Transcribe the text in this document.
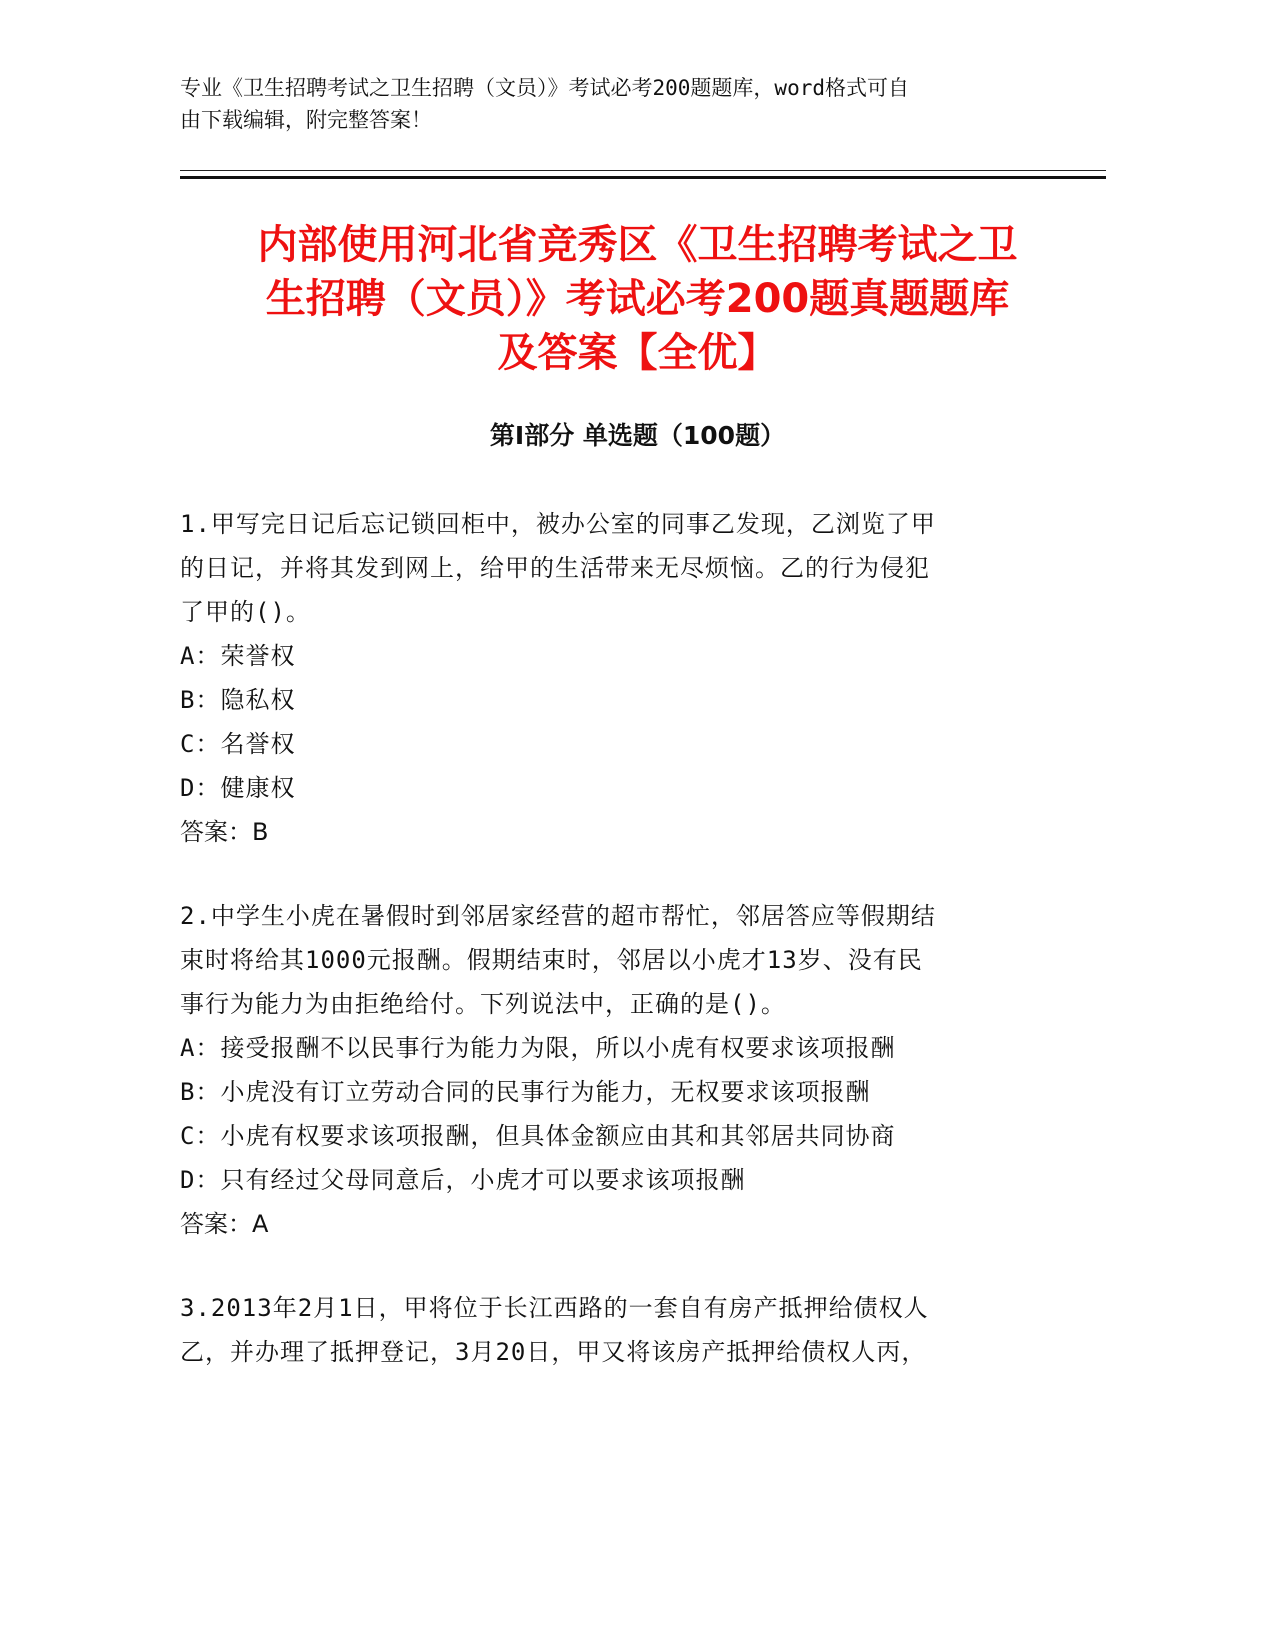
专业《卫生招聘考试之卫生招聘（文员）》考试必考200题题库，word格式可自
由下载编辑，附完整答案！
内部使用河北省竞秀区《卫生招聘考试之卫
生招聘（文员）》考试必考200题真题题库
及答案【全优】
第Ⅰ部分 单选题（100题）

1.甲写完日记后忘记锁回柜中，被办公室的同事乙发现，乙浏览了甲

的日记，并将其发到网上，给甲的生活带来无尽烦恼。乙的行为侵犯

了甲的()。

A：荣誉权

B：隐私权

C：名誉权

D：健康权

答案：B

2.中学生小虎在暑假时到邻居家经营的超市帮忙，邻居答应等假期结

束时将给其1000元报酬。假期结束时，邻居以小虎才13岁、没有民

事行为能力为由拒绝给付。下列说法中，正确的是()。

A：接受报酬不以民事行为能力为限，所以小虎有权要求该项报酬

B：小虎没有订立劳动合同的民事行为能力，无权要求该项报酬

C：小虎有权要求该项报酬，但具体金额应由其和其邻居共同协商

D：只有经过父母同意后，小虎才可以要求该项报酬

答案：A

3.2013年2月1日，甲将位于长江西路的一套自有房产抵押给债权人

乙，并办理了抵押登记，3月20日，甲又将该房产抵押给债权人丙，
